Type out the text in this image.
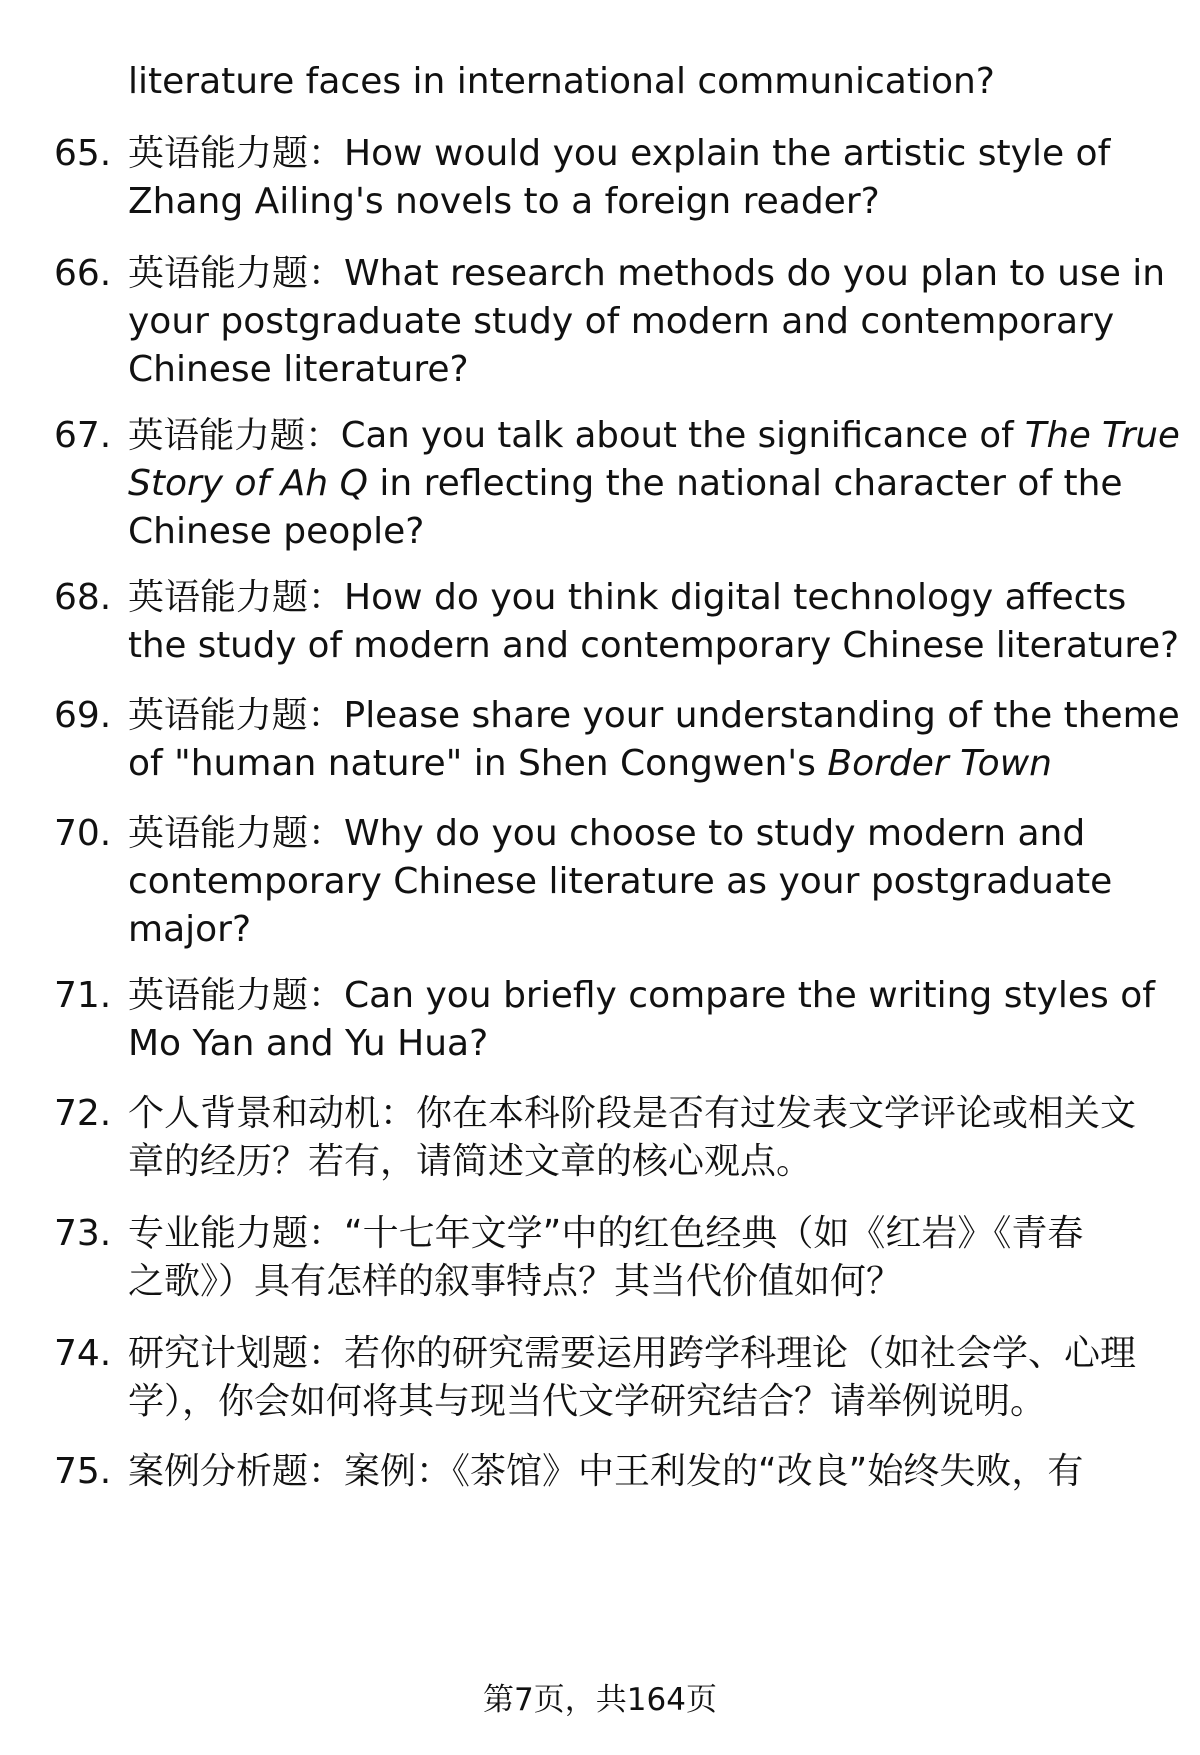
literature faces in international communication?
65. 英语能力题：How would you explain the artistic style of
Zhang Ailing's novels to a foreign reader?
66. 英语能力题：What research methods do you plan to use in
your postgraduate study of modern and contemporary
Chinese literature?
67. 英语能力题：Can you talk about the significance of The True
Story of Ah Q in reflecting the national character of the
Chinese people?
68. 英语能力题：How do you think digital technology affects
the study of modern and contemporary Chinese literature?
69. 英语能力题：Please share your understanding of the theme
of "human nature" in Shen Congwen's Border Town
70. 英语能力题：Why do you choose to study modern and
contemporary Chinese literature as your postgraduate
major?
71. 英语能力题：Can you briefly compare the writing styles of
Mo Yan and Yu Hua?
72. 个人背景和动机：你在本科阶段是否有过发表文学评论或相关文
章的经历？若有，请简述文章的核心观点。
73. 专业能力题：“十七年文学”中的红色经典（如《红岩》《青春
之歌》）具有怎样的叙事特点？其当代价值如何？
74. 研究计划题：若你的研究需要运用跨学科理论（如社会学、心理
学），你会如何将其与现当代文学研究结合？请举例说明。
75. 案例分析题：案例：《茶馆》中王利发的“改良”始终失败，有
第7页，共164页
